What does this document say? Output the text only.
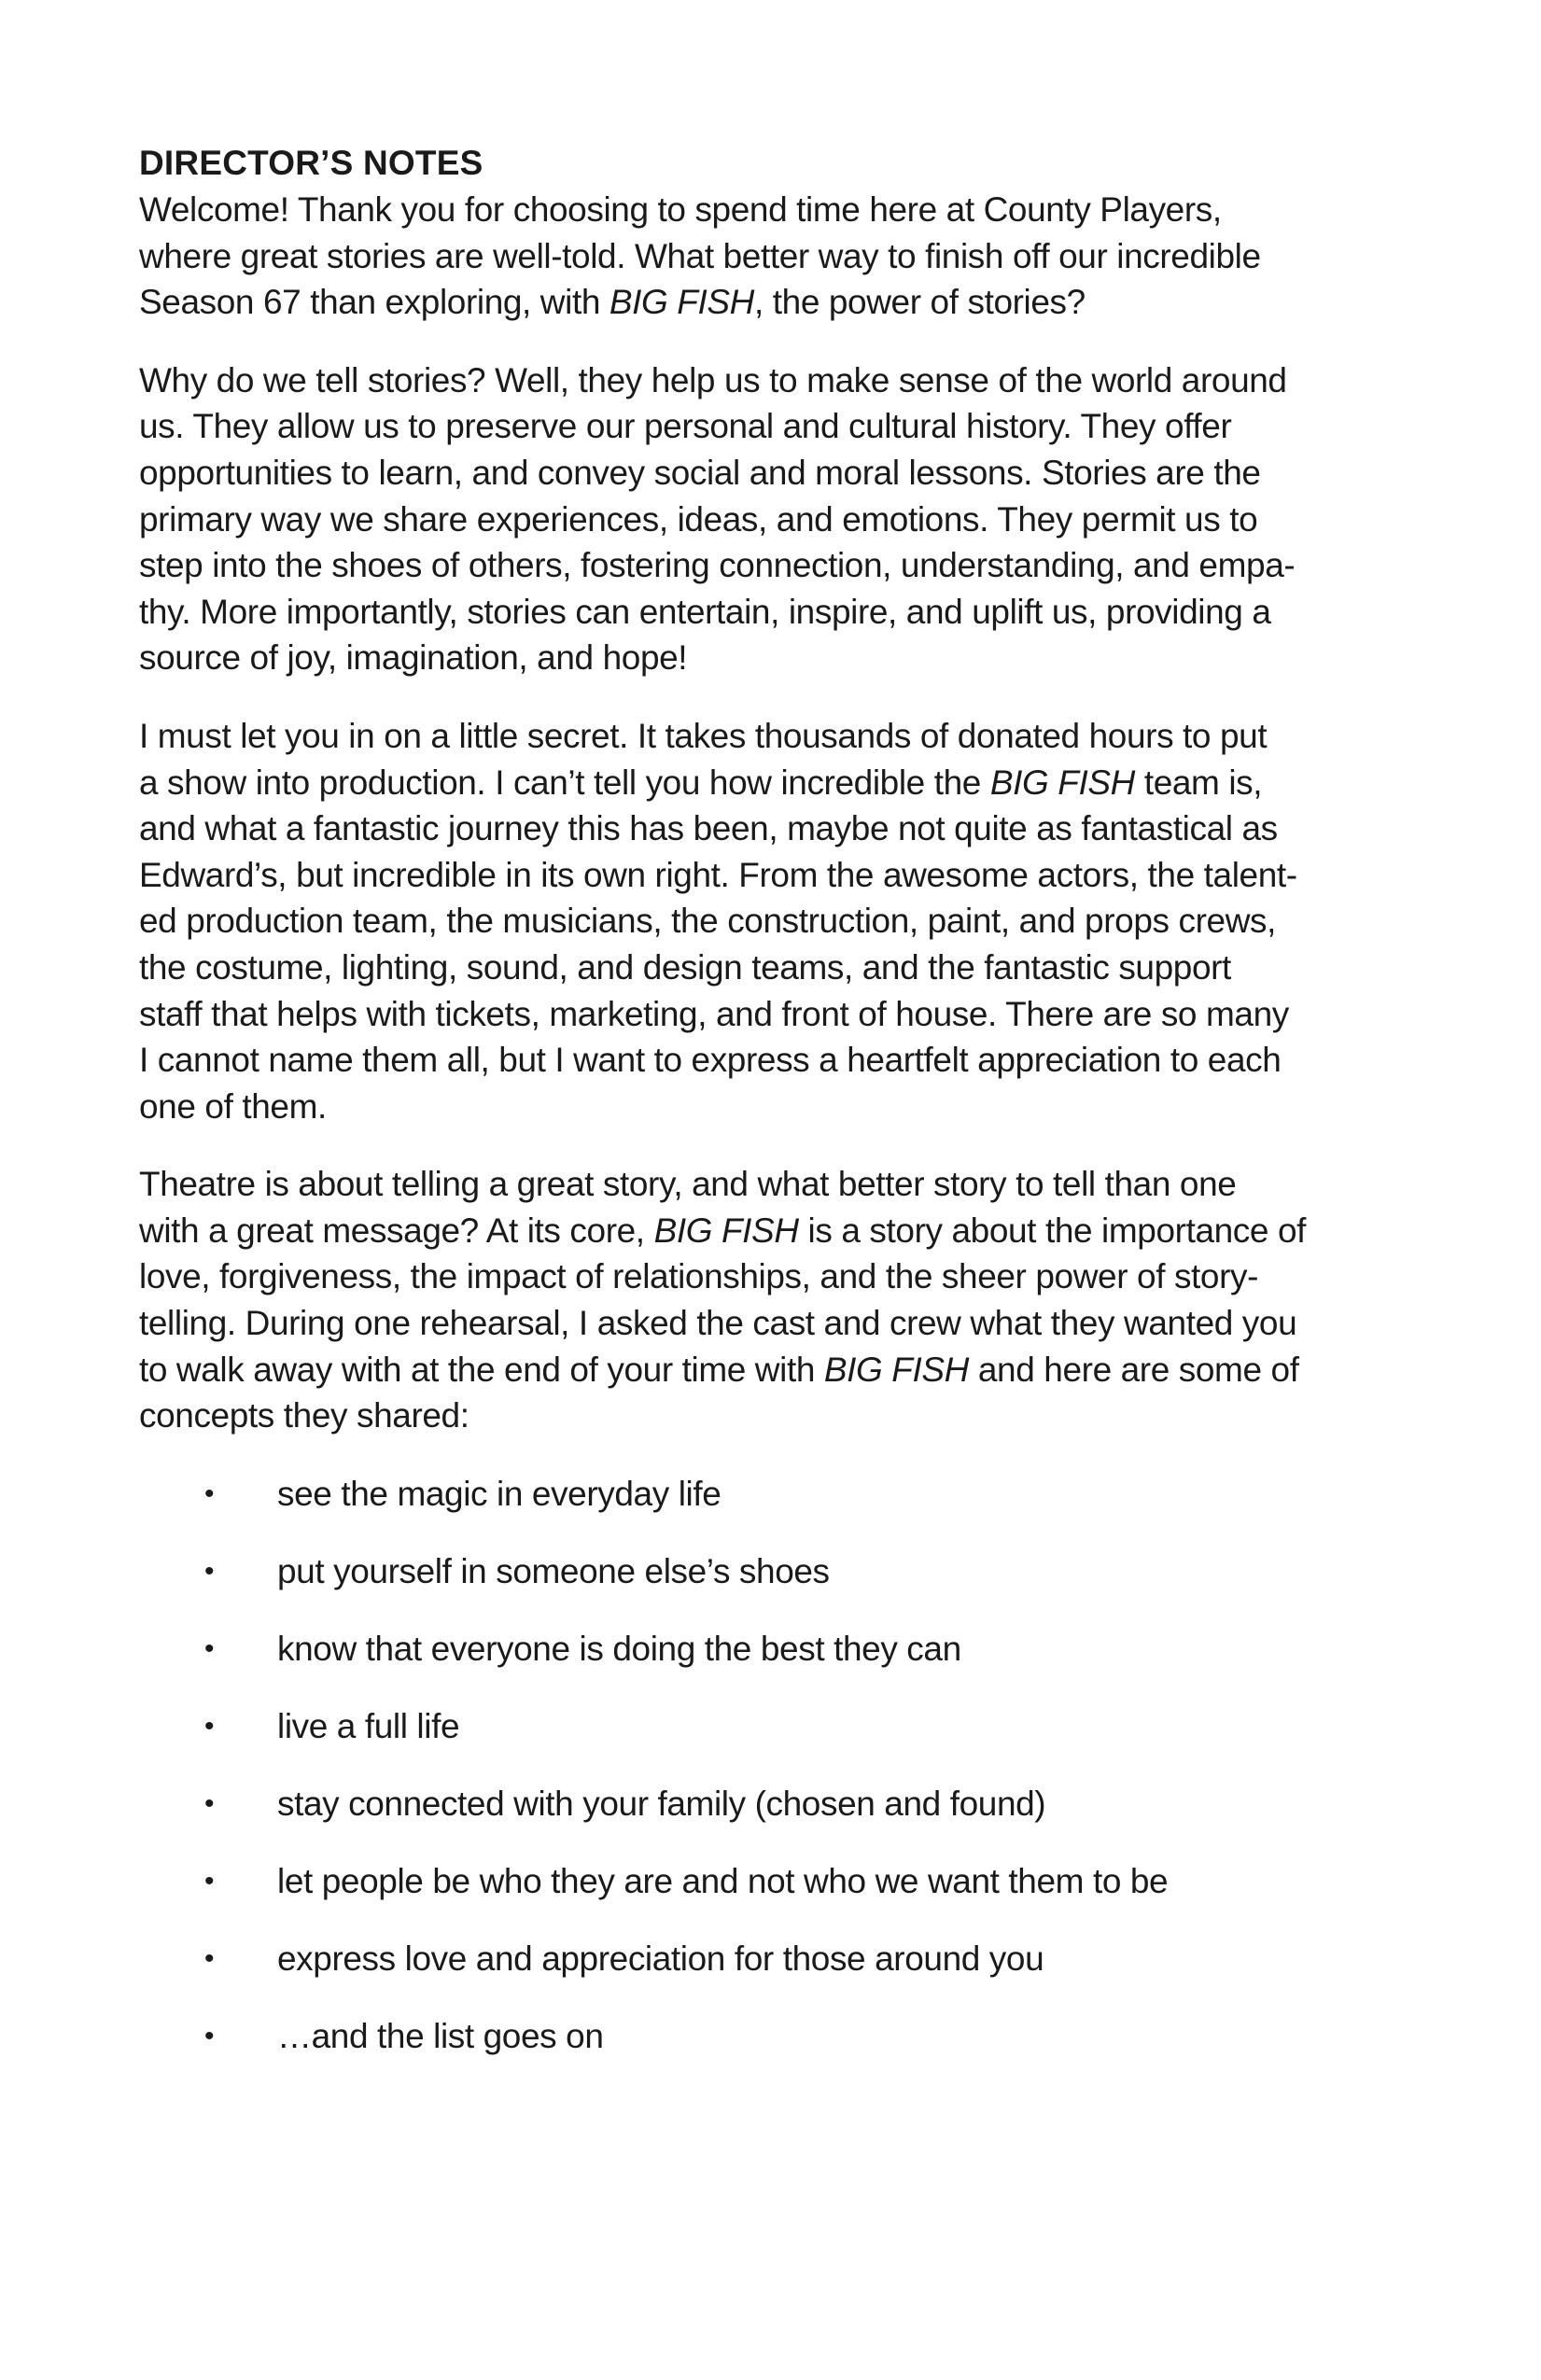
DIRECTOR’S NOTES

Welcome! Thank you for choosing to spend time here at County Players,
where great stories are well-told. What better way to finish off our incredible
Season 67 than exploring, with BIG FISH, the power of stories?

Why do we tell stories? Well, they help us to make sense of the world around
us. They allow us to preserve our personal and cultural history. They offer
opportunities to learn, and convey social and moral lessons. Stories are the
primary way we share experiences, ideas, and emotions. They permit us to
step into the shoes of others, fostering connection, understanding, and empa-
thy. More importantly, stories can entertain, inspire, and uplift us, providing a
source of joy, imagination, and hope!

I must let you in on a little secret. It takes thousands of donated hours to put
a show into production. I can’t tell you how incredible the BIG FISH team is,
and what a fantastic journey this has been, maybe not quite as fantastical as
Edward’s, but incredible in its own right. From the awesome actors, the talent-
ed production team, the musicians, the construction, paint, and props crews,
the costume, lighting, sound, and design teams, and the fantastic support
staff that helps with tickets, marketing, and front of house. There are so many
I cannot name them all, but I want to express a heartfelt appreciation to each
one of them.

Theatre is about telling a great story, and what better story to tell than one
with a great message? At its core, BIG FISH is a story about the importance of
love, forgiveness, the impact of relationships, and the sheer power of story-
telling. During one rehearsal, I asked the cast and crew what they wanted you
to walk away with at the end of your time with BIG FISH and here are some of
concepts they shared:

• see the magic in everyday life
• put yourself in someone else’s shoes
• know that everyone is doing the best they can
• live a full life
• stay connected with your family (chosen and found)
• let people be who they are and not who we want them to be
• express love and appreciation for those around you
• …and the list goes on
